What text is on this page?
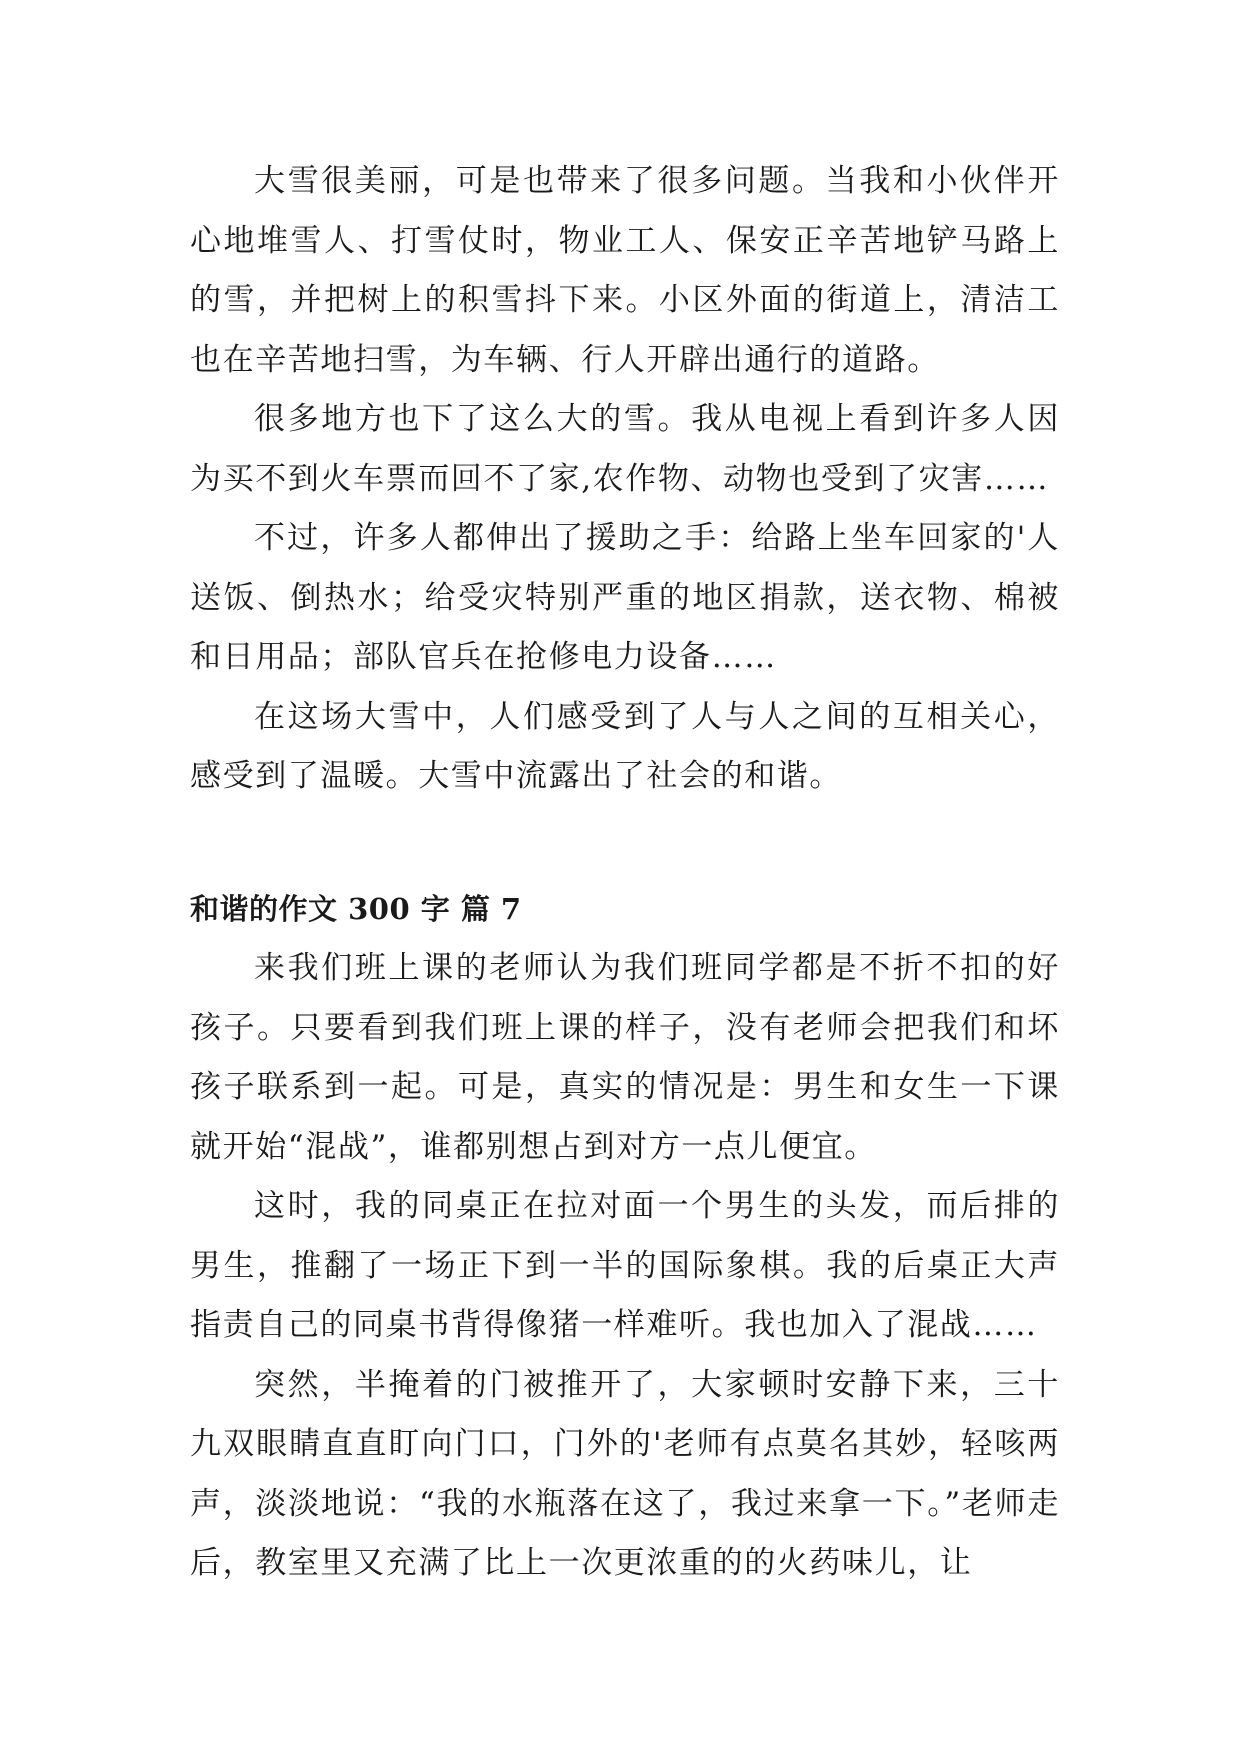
大雪很美丽，可是也带来了很多问题。当我和小伙伴开心地堆雪人、打雪仗时，物业工人、保安正辛苦地铲马路上的雪，并把树上的积雪抖下来。小区外面的街道上，清洁工也在辛苦地扫雪，为车辆、行人开辟出通行的道路。

很多地方也下了这么大的雪。我从电视上看到许多人因为买不到火车票而回不了家,农作物、动物也受到了灾害……

不过，许多人都伸出了援助之手：给路上坐车回家的'人送饭、倒热水；给受灾特别严重的地区捐款，送衣物、棉被和日用品；部队官兵在抢修电力设备……

在这场大雪中，人们感受到了人与人之间的互相关心，感受到了温暖。大雪中流露出了社会的和谐。

和谐的作文 300 字 篇 7

来我们班上课的老师认为我们班同学都是不折不扣的好孩子。只要看到我们班上课的样子，没有老师会把我们和坏孩子联系到一起。可是，真实的情况是：男生和女生一下课就开始“混战”，谁都别想占到对方一点儿便宜。

这时，我的同桌正在拉对面一个男生的头发，而后排的男生，推翻了一场正下到一半的国际象棋。我的后桌正大声指责自己的同桌书背得像猪一样难听。我也加入了混战……

突然，半掩着的门被推开了，大家顿时安静下来，三十九双眼睛直直盯向门口，门外的'老师有点莫名其妙，轻咳两声，淡淡地说：“我的水瓶落在这了，我过来拿一下。”老师走后，教室里又充满了比上一次更浓重的的火药味儿，让
